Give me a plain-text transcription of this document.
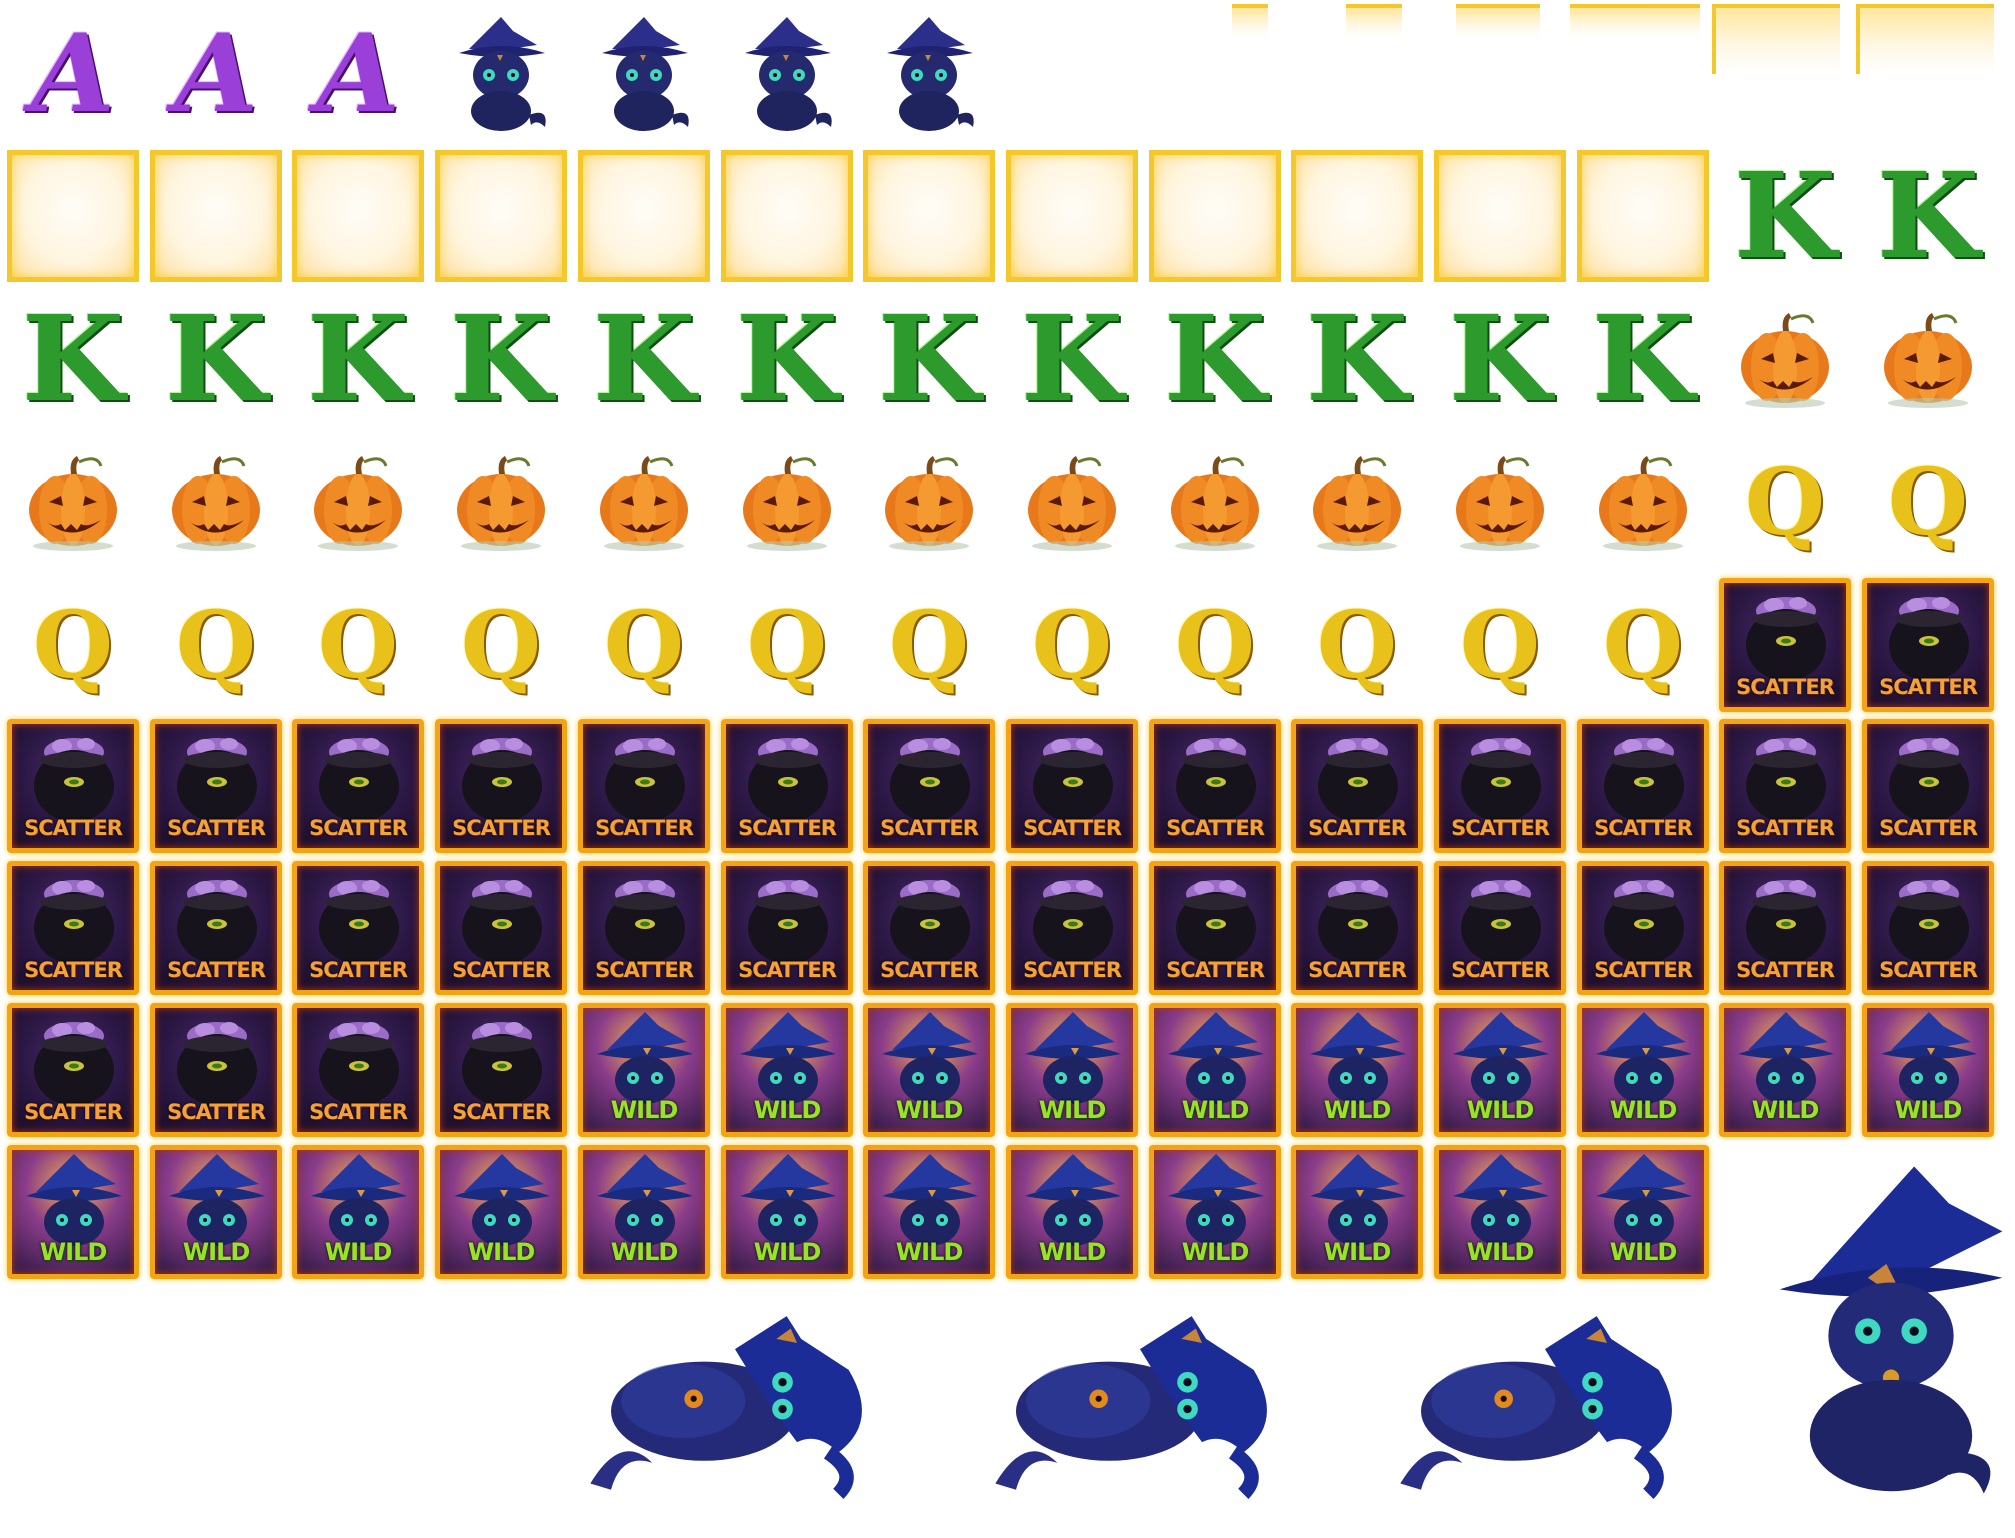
A A A
K K
K K K K K K K K K K K K
Q Q
Q Q Q Q Q Q Q Q Q Q Q Q	SCATTER	SCATTER
SCATTER	SCATTER	SCATTER	SCATTER	SCATTER	SCATTER	SCATTER	SCATTER	SCATTER	SCATTER	SCATTER	SCATTER	SCATTER	SCATTER
SCATTER	SCATTER	SCATTER	SCATTER	SCATTER	SCATTER	SCATTER	SCATTER	SCATTER	SCATTER	SCATTER	SCATTER	SCATTER	SCATTER
SCATTER	SCATTER	SCATTER	SCATTER	WILD	WILD	WILD	WILD	WILD	WILD	WILD	WILD	WILD	WILD
WILD	WILD	WILD	WILD	WILD	WILD	WILD	WILD	WILD	WILD	WILD	WILD
